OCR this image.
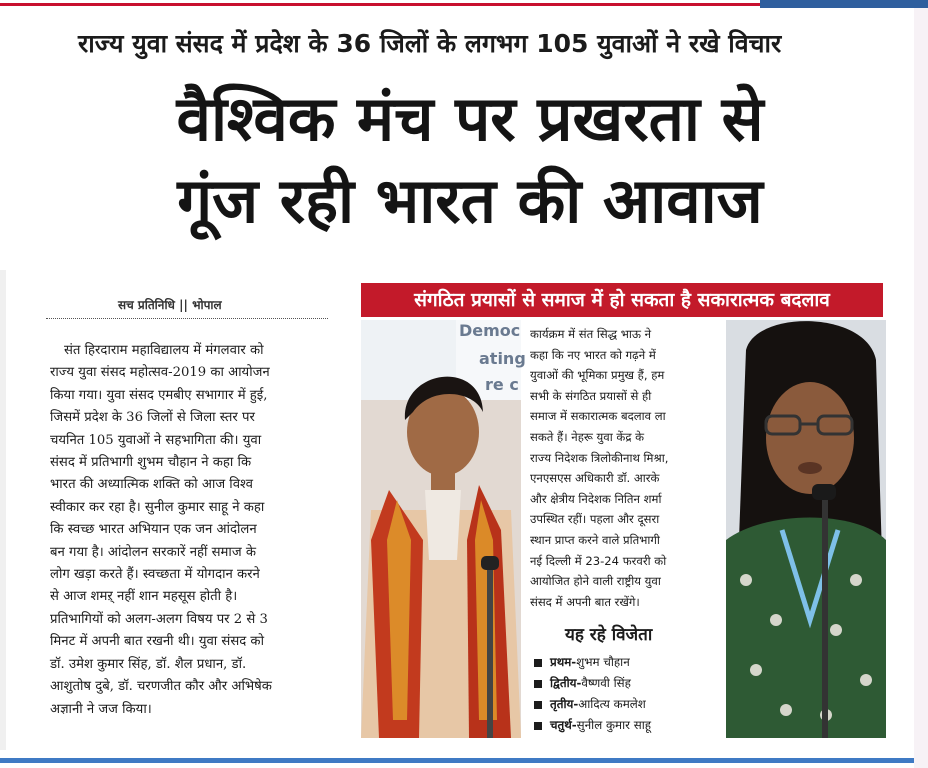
राज्य युवा संसद में प्रदेश के 36 जिलों के लगभग 105 युवाओं ने रखे विचार
वैश्विक मंच पर प्रखरता से
गूंज रही भारत की आवाज
सच प्रतिनिधि || भोपाल
संत हिरदाराम महाविद्यालय में मंगलवार को
राज्य युवा संसद महोत्सव-2019 का आयोजन
किया गया। युवा संसद एमबीए सभागार में हुई,
जिसमें प्रदेश के 36 जिलों से जिला स्तर पर
चयनित 105 युवाओं ने सहभागिता की। युवा
संसद में प्रतिभागी शुभम चौहान ने कहा कि
भारत की अध्यात्मिक शक्ति को आज विश्व
स्वीकार कर रहा है। सुनील कुमार साहू ने कहा
कि स्वच्छ भारत अभियान एक जन आंदोलन
बन गया है। आंदोलन सरकारें नहीं समाज के
लोग खड़ा करते हैं। स्वच्छता में योगदान करने
से आज शमऱ् नहीं शान महसूस होती है।
प्रतिभागियों को अलग-अलग विषय पर 2 से 3
मिनट में अपनी बात रखनी थी। युवा संसद को
डॉ. उमेश कुमार सिंह, डॉ. शैल प्रधान, डॉ.
आशुतोष दुबे, डॉ. चरणजीत कौर और अभिषेक
अज्ञानी ने जज किया।
संगठित प्रयासों से समाज में हो सकता है सकारात्मक बदलाव
Democ
ating
re c
कार्यक्रम में संत सिद्ध भाऊ ने
कहा कि नए भारत को गढ़ने में
युवाओं की भूमिका प्रमुख हैं, हम
सभी के संगठित प्रयासों से ही
समाज में सकारात्मक बदलाव ला
सकते हैं। नेहरू युवा केंद्र के
राज्य निदेशक त्रिलोकीनाथ मिश्रा,
एनएसएस अधिकारी डॉ. आरके
और क्षेत्रीय निदेशक नितिन शर्मा
उपस्थित रहीं। पहला और दूसरा
स्थान प्राप्त करने वाले प्रतिभागी
नई दिल्ली में 23-24 फरवरी को
आयोजित होने वाली राष्ट्रीय युवा
संसद में अपनी बात रखेंगे।
यह रहे विजेता
प्रथम- शुभम चौहान
द्वितीय- वैष्णवी सिंह
तृतीय- आदित्य कमलेश
चतुर्थ- सुनील कुमार साहू
